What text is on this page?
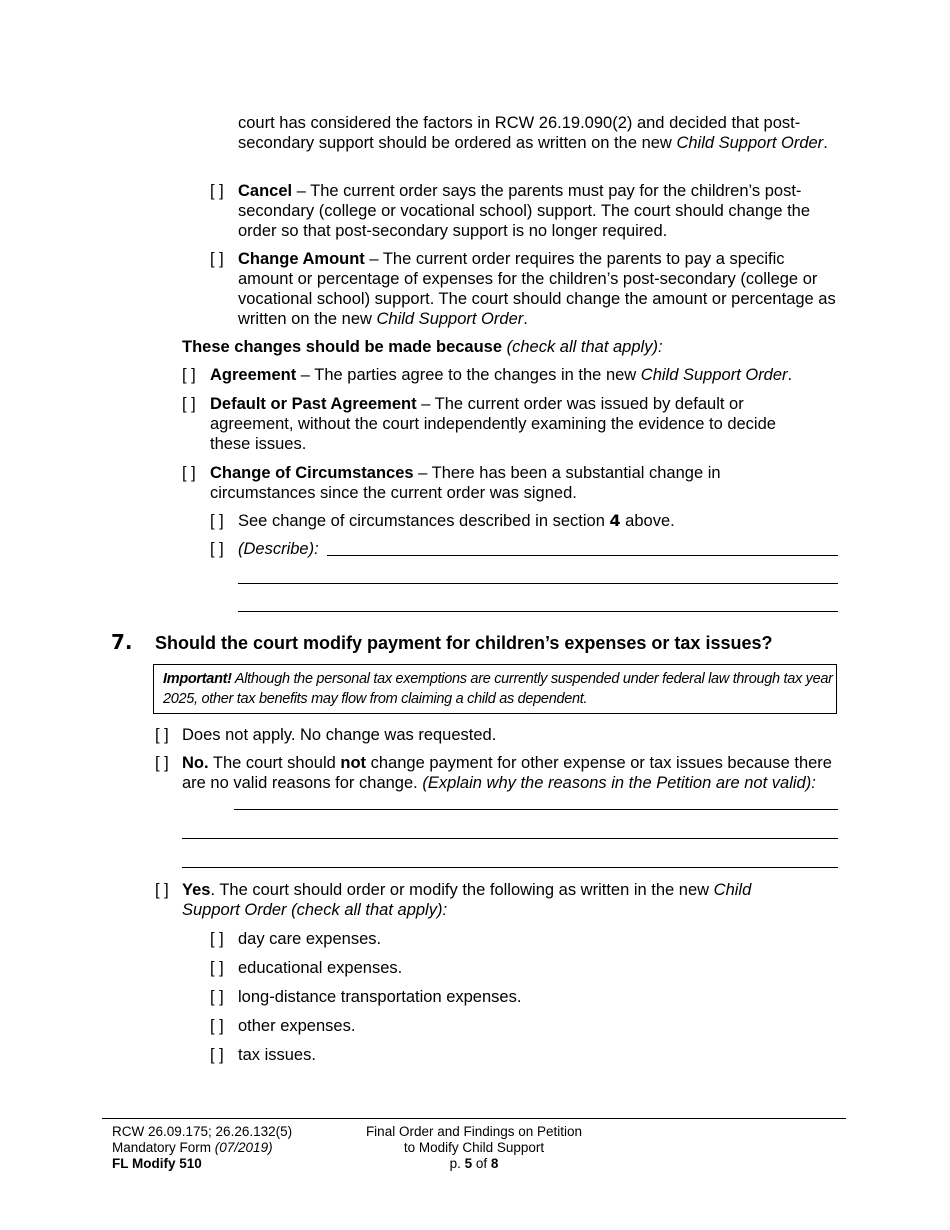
court has considered the factors in RCW 26.19.090(2) and decided that post-secondary support should be ordered as written on the new Child Support Order.
[ ] Cancel – The current order says the parents must pay for the children’s post-secondary (college or vocational school) support. The court should change the order so that post-secondary support is no longer required.
[ ] Change Amount – The current order requires the parents to pay a specific amount or percentage of expenses for the children’s post-secondary (college or vocational school) support. The court should change the amount or percentage as written on the new Child Support Order.
These changes should be made because (check all that apply):
[ ] Agreement – The parties agree to the changes in the new Child Support Order.
[ ] Default or Past Agreement – The current order was issued by default or agreement, without the court independently examining the evidence to decide these issues.
[ ] Change of Circumstances – There has been a substantial change in circumstances since the current order was signed.
[ ] See change of circumstances described in section 4 above.
[ ] (Describe):
7. Should the court modify payment for children’s expenses or tax issues?
Important! Although the personal tax exemptions are currently suspended under federal law through tax year 2025, other tax benefits may flow from claiming a child as dependent.
[ ] Does not apply. No change was requested.
[ ] No. The court should not change payment for other expense or tax issues because there are no valid reasons for change. (Explain why the reasons in the Petition are not valid):
[ ] Yes. The court should order or modify the following as written in the new Child Support Order (check all that apply):
[ ] day care expenses.
[ ] educational expenses.
[ ] long-distance transportation expenses.
[ ] other expenses.
[ ] tax issues.
RCW 26.09.175; 26.26.132(5)
Mandatory Form (07/2019)
FL Modify 510
Final Order and Findings on Petition
to Modify Child Support
p. 5 of 8
